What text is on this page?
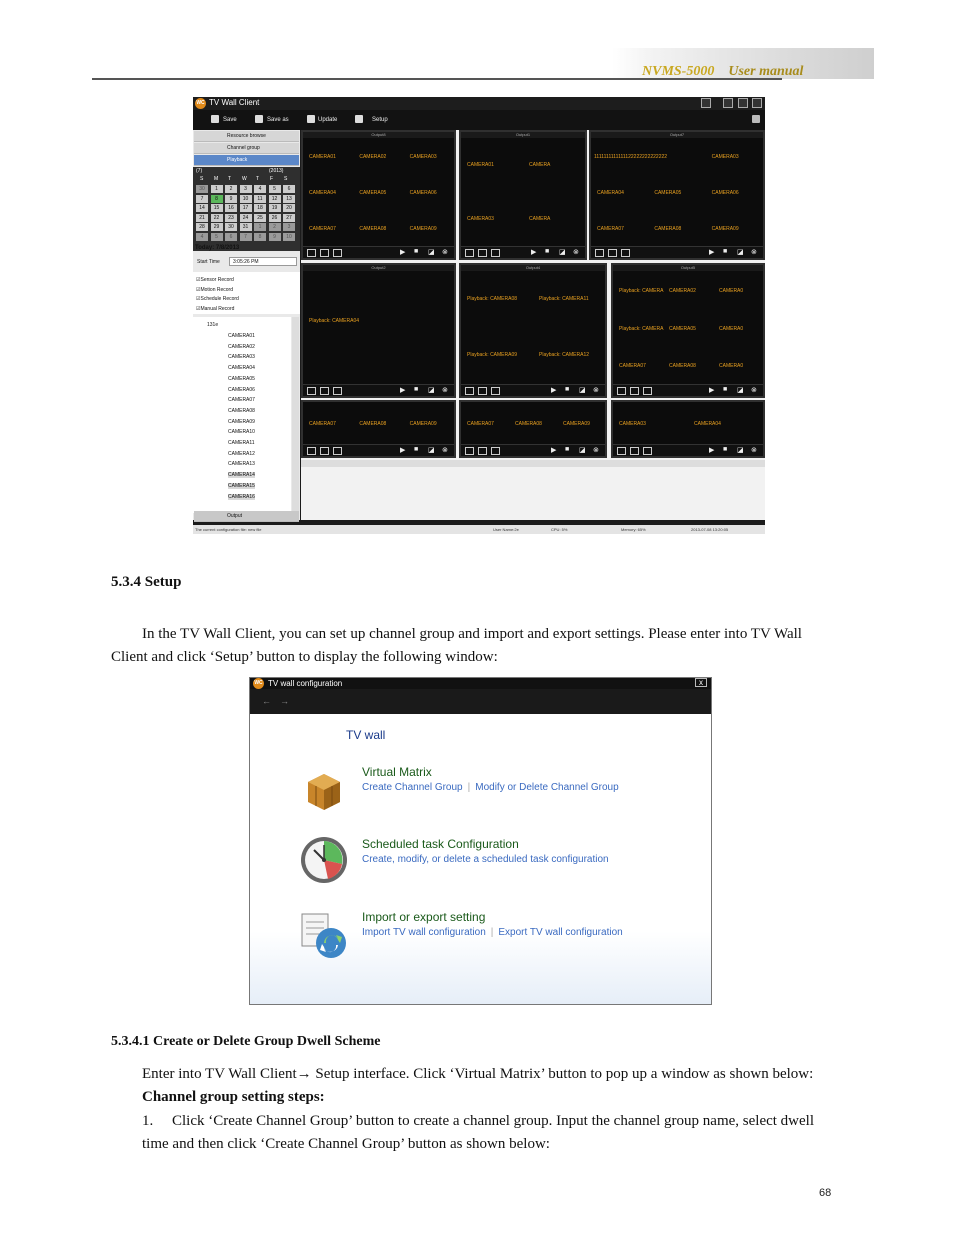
NVMS-5000 User manual
WC TV Wall Client
Save	Save as	Update	Setup
Resource browse
Channel group
Playback
(7)	(2013)
S M T W T F S
30	1	2	3	4	5	6
7	8	9	10	11	12	13
14	15	16	17	18	19	20
21	22	23	24	25	26	27
28	29	30	31	1	2	3
4	5	6	7	8	9	10
Today: 7/8/2013
Start Time	3:05:26 PM
☑Sensor Record
☑Motion Record
☑Schedule Record
☑Manual Record
131e
CAMERA01
CAMERA02
CAMERA03
CAMERA04
CAMERA05
CAMERA06
CAMERA07
CAMERA08
CAMERA09
CAMERA10
CAMERA11
CAMERA12
CAMERA13
CAMERA14
CAMERA15
CAMERA16
Output
Output8
CAMERA01	CAMERA02	CAMERA03
CAMERA04	CAMERA05	CAMERA06
CAMERA07	CAMERA08	CAMERA09
▶ ■ ◪ ⊗
Output1
CAMERA01	CAMERA
CAMERA03	CAMERA
▶ ■ ◪ ⊗
Output7
1111111111111122222222222222	CAMERA03
CAMERA04	CAMERA05	CAMERA06
CAMERA07	CAMERA08	CAMERA09
▶ ■ ◪ ⊗
Output2
Playback: CAMERA04
▶ ■ ◪ ⊗
Output4
Playback: CAMERA08	Playback: CAMERA11
Playback: CAMERA09	Playback: CAMERA12
▶ ■ ◪ ⊗
Output5
Playback: CAMERA CAMERA02	CAMERA0
Playback: CAMERA CAMERA05	CAMERA0
CAMERA07	CAMERA08	CAMERA0
▶ ■ ◪ ⊗
CAMERA07	CAMERA08	CAMERA09
▶ ■ ◪ ⊗
CAMERA07	CAMERA08	CAMERA09
▶ ■ ◪ ⊗
CAMERA03	CAMERA04
▶ ■ ◪ ⊗
The current configuration file: new file	User Name:2e	CPU: 5%	Memory: 65%	2013-07-08 13:20:05
5.3.4 Setup
In the TV Wall Client, you can set up channel group and import and export settings. Please enter into TV Wall Client and click ‘Setup’ button to display the following window:
WC TV wall configuration	x
←	→
TV wall
Virtual Matrix
Create Channel Group | Modify or Delete Channel Group
Scheduled task Configuration
Create, modify, or delete a scheduled task configuration
Import or export setting
Import TV wall configuration | Export TV wall configuration
5.3.4.1 Create or Delete Group Dwell Scheme
Enter into TV Wall Client→ Setup interface. Click ‘Virtual Matrix’ button to pop up a window as shown below:
Channel group setting steps:
1. Click ‘Create Channel Group’ button to create a channel group. Input the channel group name, select dwell time and then click ‘Create Channel Group’ button as shown below:
68
